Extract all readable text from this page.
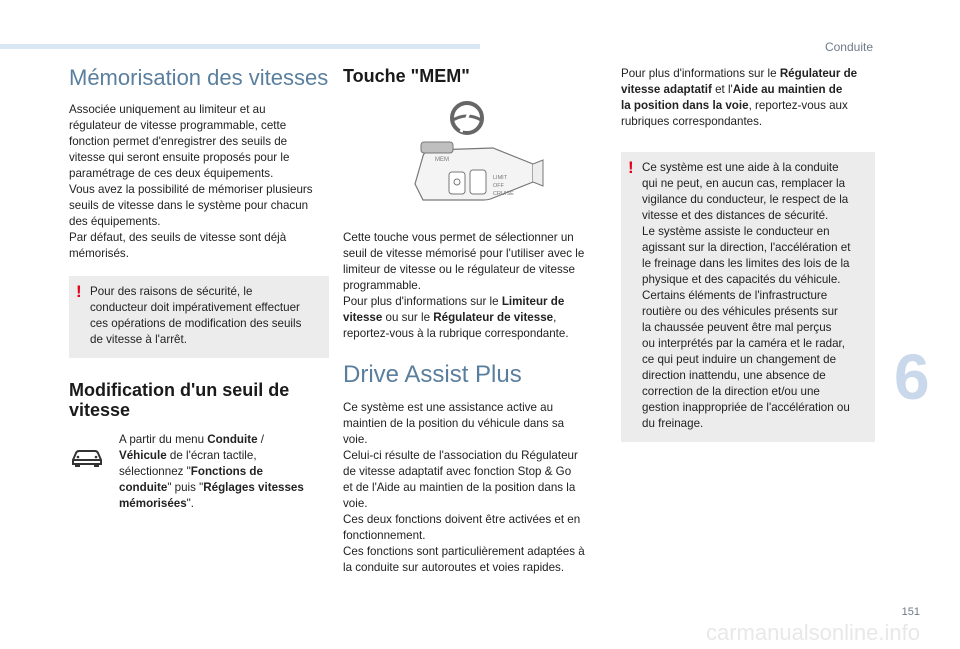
Conduite
6
151
Mémorisation des vitesses

Associée uniquement au limiteur et au
régulateur de vitesse programmable, cette
fonction permet d'enregistrer des seuils de
vitesse qui seront ensuite proposés pour le
paramétrage de ces deux équipements.
Vous avez la possibilité de mémoriser plusieurs
seuils de vitesse dans le système pour chacun
des équipements.
Par défaut, des seuils de vitesse sont déjà
mémorisés.

! Pour des raisons de sécurité, le
conducteur doit impérativement effectuer
ces opérations de modification des seuils
de vitesse à l'arrêt.

Modification d'un seuil de vitesse

A partir du menu Conduite /
Véhicule de l'écran tactile,
sélectionnez "Fonctions de
conduite" puis "Réglages vitesses
mémorisées".

Touche "MEM"
MEM
LIMIT
OFF
CRUISE

Cette touche vous permet de sélectionner un
seuil de vitesse mémorisé pour l'utiliser avec le
limiteur de vitesse ou le régulateur de vitesse
programmable.
Pour plus d'informations sur le Limiteur de
vitesse ou sur le Régulateur de vitesse,
reportez-vous à la rubrique correspondante.

Drive Assist Plus

Ce système est une assistance active au
maintien de la position du véhicule dans sa
voie.
Celui-ci résulte de l'association du Régulateur
de vitesse adaptatif avec fonction Stop & Go
et de l'Aide au maintien de la position dans la
voie.
Ces deux fonctions doivent être activées et en
fonctionnement.
Ces fonctions sont particulièrement adaptées à
la conduite sur autoroutes et voies rapides.

Pour plus d'informations sur le Régulateur de
vitesse adaptatif et l'Aide au maintien de
la position dans la voie, reportez-vous aux
rubriques correspondantes.

! Ce système est une aide à la conduite
qui ne peut, en aucun cas, remplacer la
vigilance du conducteur, le respect de la
vitesse et des distances de sécurité.
Le système assiste le conducteur en
agissant sur la direction, l'accélération et
le freinage dans les limites des lois de la
physique et des capacités du véhicule.
Certains éléments de l'infrastructure
routière ou des véhicules présents sur
la chaussée peuvent être mal perçus
ou interprétés par la caméra et le radar,
ce qui peut induire un changement de
direction inattendu, une absence de
correction de la direction et/ou une
gestion inappropriée de l'accélération ou
du freinage.

carmanualsonline.info
